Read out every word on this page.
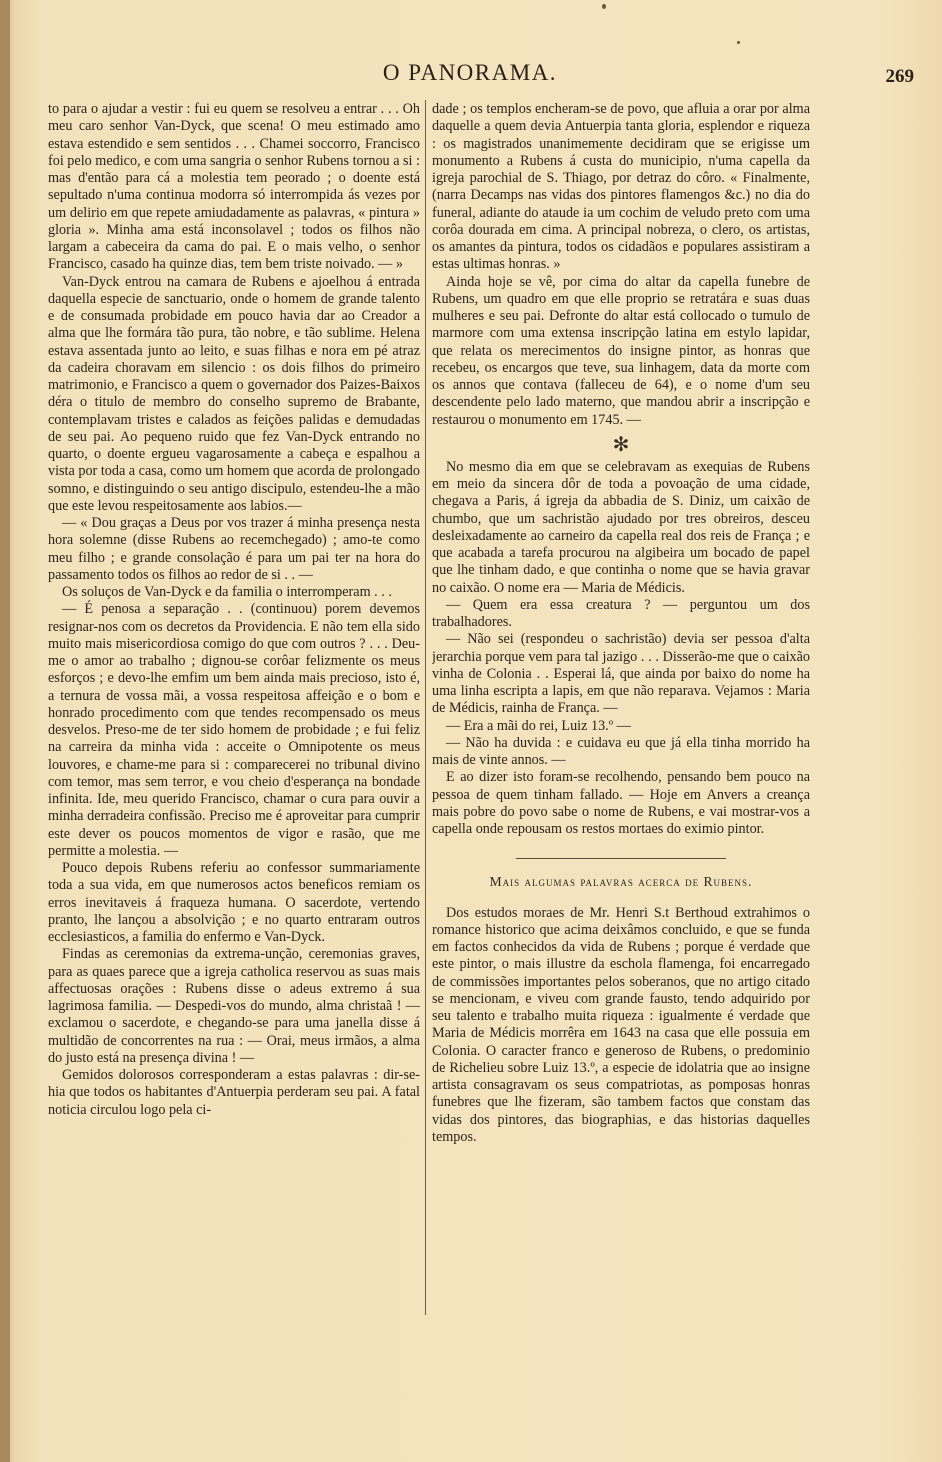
O PANORAMA.	269

to para o ajudar a vestir : fui eu quem se resolveu a entrar . . . Oh meu caro senhor Van-Dyck, que scena! O meu estimado amo estava estendido e sem sentidos . . . Chamei soccorro, Francisco foi pelo medico, e com uma sangria o senhor Rubens tornou a si : mas d'então para cá a molestia tem peorado ; o doente está sepultado n'uma continua modorra só interrompida ás vezes por um delirio em que repete amiudadamente as palavras, « pintura » gloria ». Minha ama está inconsolavel ; todos os filhos não largam a cabeceira da cama do pai. E o mais velho, o senhor Francisco, casado ha quinze dias, tem bem triste noivado. — »

Van-Dyck entrou na camara de Rubens e ajoelhou á entrada daquella especie de sanctuario, onde o homem de grande talento e de consumada probidade em pouco havia dar ao Creador a alma que lhe formára tão pura, tão nobre, e tão sublime. Helena estava assentada junto ao leito, e suas filhas e nora em pé atraz da cadeira choravam em silencio : os dois filhos do primeiro matrimonio, e Francisco a quem o governador dos Paizes-Baixos déra o titulo de membro do conselho supremo de Brabante, contemplavam tristes e calados as feições palidas e demudadas de seu pai. Ao pequeno ruido que fez Van-Dyck entrando no quarto, o doente ergueu vagarosamente a cabeça e espalhou a vista por toda a casa, como um homem que acorda de prolongado somno, e distinguindo o seu antigo discipulo, estendeu-lhe a mão que este levou respeitosamente aos labios.—

— « Dou graças a Deus por vos trazer á minha presença nesta hora solemne (disse Rubens ao recemchegado) ; amo-te como meu filho ; e grande consolação é para um pai ter na hora do passamento todos os filhos ao redor de si . . —

Os soluços de Van-Dyck e da familia o interromperam . . .

— É penosa a separação . . (continuou) porem devemos resignar-nos com os decretos da Providencia. E não tem ella sido muito mais misericordiosa comigo do que com outros ? . . . Deu-me o amor ao trabalho ; dignou-se corôar felizmente os meus esforços ; e devo-lhe emfim um bem ainda mais precioso, isto é, a ternura de vossa mãi, a vossa respeitosa affeição e o bom e honrado procedimento com que tendes recompensado os meus desvelos. Preso-me de ter sido homem de probidade ; e fui feliz na carreira da minha vida : acceite o Omnipotente os meus louvores, e chame-me para si : comparecerei no tribunal divino com temor, mas sem terror, e vou cheio d'esperança na bondade infinita. Ide, meu querido Francisco, chamar o cura para ouvir a minha derradeira confissão. Preciso me é aproveitar para cumprir este dever os poucos momentos de vigor e rasão, que me permitte a molestia. —

Pouco depois Rubens referiu ao confessor summariamente toda a sua vida, em que numerosos actos beneficos remiam os erros inevitaveis á fraqueza humana. O sacerdote, vertendo pranto, lhe lançou a absolvição ; e no quarto entraram outros ecclesiasticos, a familia do enfermo e Van-Dyck.

Findas as ceremonias da extrema-unção, ceremonias graves, para as quaes parece que a igreja catholica reservou as suas mais affectuosas orações : Rubens disse o adeus extremo á sua lagrimosa familia. — Despedi-vos do mundo, alma christaã ! — exclamou o sacerdote, e chegando-se para uma janella disse á multidão de concorrentes na rua : — Orai, meus irmãos, a alma do justo está na presença divina ! —

Gemidos dolorosos corresponderam a estas palavras : dir-se-hia que todos os habitantes d'Antuerpia perderam seu pai. A fatal noticia circulou logo pela ci-

dade ; os templos encheram-se de povo, que afluia a orar por alma daquelle a quem devia Antuerpia tanta gloria, esplendor e riqueza : os magistrados unanimemente decidiram que se erigisse um monumento a Rubens á custa do municipio, n'uma capella da igreja parochial de S. Thiago, por detraz do côro. « Finalmente, (narra Decamps nas vidas dos pintores flamengos &c.) no dia do funeral, adiante do ataude ia um cochim de veludo preto com uma corôa dourada em cima. A principal nobreza, o clero, os artistas, os amantes da pintura, todos os cidadãos e populares assistiram a estas ultimas honras. »

Ainda hoje se vê, por cima do altar da capella funebre de Rubens, um quadro em que elle proprio se retratára e suas duas mulheres e seu pai. Defronte do altar está collocado o tumulo de marmore com uma extensa inscripção latina em estylo lapidar, que relata os merecimentos do insigne pintor, as honras que recebeu, os encargos que teve, sua linhagem, data da morte com os annos que contava (falleceu de 64), e o nome d'um seu descendente pelo lado materno, que mandou abrir a inscripção e restaurou o monumento em 1745. —

✻

No mesmo dia em que se celebravam as exequias de Rubens em meio da sincera dôr de toda a povoação de uma cidade, chegava a Paris, á igreja da abbadia de S. Diniz, um caixão de chumbo, que um sachristão ajudado por tres obreiros, desceu desleixadamente ao carneiro da capella real dos reis de França ; e que acabada a tarefa procurou na algibeira um bocado de papel que lhe tinham dado, e que continha o nome que se havia gravar no caixão. O nome era — Maria de Médicis.

— Quem era essa creatura ? — perguntou um dos trabalhadores.

— Não sei (respondeu o sachristão) devia ser pessoa d'alta jerarchia porque vem para tal jazigo . . . Disserão-me que o caixão vinha de Colonia . . Esperai lá, que ainda por baixo do nome ha uma linha escripta a lapis, em que não reparava. Vejamos : Maria de Médicis, rainha de França. —

— Era a mãi do rei, Luiz 13.º —

— Não ha duvida : e cuidava eu que já ella tinha morrido ha mais de vinte annos. —

E ao dizer isto foram-se recolhendo, pensando bem pouco na pessoa de quem tinham fallado. — Hoje em Anvers a creança mais pobre do povo sabe o nome de Rubens, e vai mostrar-vos a capella onde repousam os restos mortaes do eximio pintor.

Mais algumas palavras acerca de Rubens.

Dos estudos moraes de Mr. Henri S.t Berthoud extrahimos o romance historico que acima deixâmos concluido, e que se funda em factos conhecidos da vida de Rubens ; porque é verdade que este pintor, o mais illustre da eschola flamenga, foi encarregado de commissões importantes pelos soberanos, que no artigo citado se mencionam, e viveu com grande fausto, tendo adquirido por seu talento e trabalho muita riqueza : igualmente é verdade que Maria de Médicis morrêra em 1643 na casa que elle possuia em Colonia. O caracter franco e generoso de Rubens, o predominio de Richelieu sobre Luiz 13.º, a especie de idolatria que ao insigne artista consagravam os seus compatriotas, as pomposas honras funebres que lhe fizeram, são tambem factos que constam das vidas dos pintores, das biographias, e das historias daquelles tempos.
